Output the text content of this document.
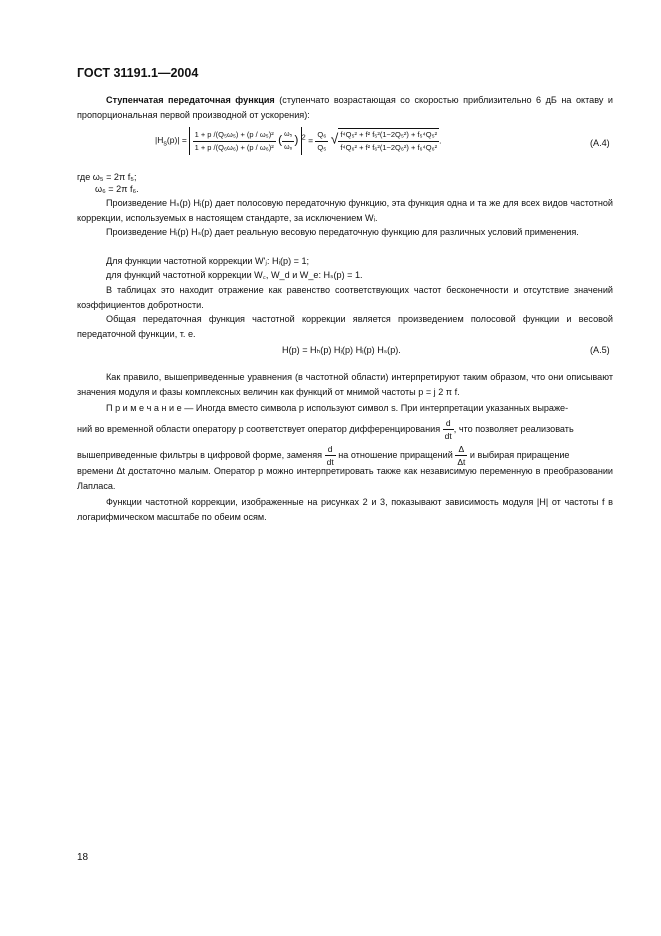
ГОСТ 31191.1—2004
Ступенчатая передаточная функция (ступенчато возрастающая со скоростью приблизительно 6 дБ на октаву и пропорциональная первой производной от ускорения):
$|H_s(p)| = \frac{\text{1 + p /(Q₅ω₅) + (p / ω₅)²}}{\text{1 + p /(Q₆ω₆) + (p / ω₆)²}}$ ( $\frac{\text{ω₅}}{\text{ω₆}}$ ) $^2 = \frac{\text{Q₆}}{\text{Q₅}}$ √ $\frac{\text{f⁴Q₅² + f² f₅²(1−2Q₅²) + f₅⁴Q₅²}}{\text{f⁴Q₆² + f² f₆²(1−2Q₆²) + f₆⁴Q₆²}}$ .	(А.4)
где ω₅ = 2π f₅;
ω₆ = 2π f₆.
Произведение Hₛ(p) Hᵢ(p) дает полосовую передаточную функцию, эта функция одна и та же для всех видов частотной коррекции, используемых в настоящем стандарте, за исключением Wᵢ.
Произведение Hᵢ(p) Hₛ(p) дает реальную весовую передаточную функцию для различных условий применения.
Для функции частотной коррекции W'ⱼ: Hᵢ(p) = 1;
для функций частотной коррекции W꜀, W_d и W_e: Hₛ(p) = 1.
В таблицах это находит отражение как равенство соответствующих частот бесконечности и отсутствие значений коэффициентов добротности.
Общая передаточная функция частотной коррекции является произведением полосовой функции и весовой передаточной функции, т. е.
H(p) = Hₕ(p) Hᵢ(p) Hᵢ(p) Hₛ(p).	(А.5)
Как правило, вышеприведенные уравнения (в частотной области) интерпретируют таким образом, что они описывают значения модуля и фазы комплексных величин как функций от мнимой частоты p = j 2 π f.
П р и м е ч а н и е — Иногда вместо символа p используют символ s. При интерпретации указанных выраже-
ний во временной области оператору p соответствует оператор дифференцирования $\frac{d}{dt}$ , что позволяет реализовать
вышеприведенные фильтры в цифровой форме, заменяя $\frac{d}{dt}$ на отношение приращений $\frac{\Delta}{\Delta t}$ и выбирая приращение
времени Δt достаточно малым. Оператор p можно интерпретировать также как независимую переменную в преобразовании Лапласа.
Функции частотной коррекции, изображенные на рисунках 2 и 3, показывают зависимость модуля |H| от частоты f в логарифмическом масштабе по обеим осям.
18
